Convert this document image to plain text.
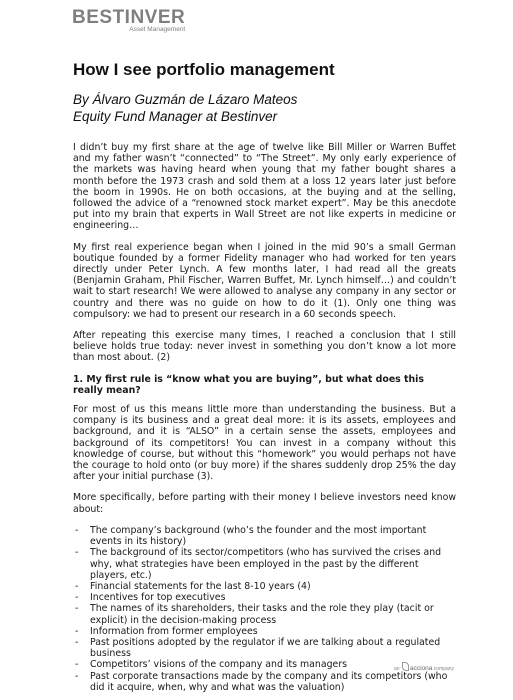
BESTINVER
Asset Management
How I see portfolio management
By Álvaro Guzmán de Lázaro Mateos
Equity Fund Manager at Bestinver

I didn’t buy my first share at the age of twelve like Bill Miller or Warren Buffet and my father wasn’t “connected” to “The Street”. My only early experience of the markets was having heard when young that my father bought shares a month before the 1973 crash and sold them at a loss 12 years later just before the boom in 1990s. He on both occasions, at the buying and at the selling, followed the advice of a “renowned stock market expert”. May be this anecdote put into my brain that experts in Wall Street are not like experts in medicine or engineering…

My first real experience began when I joined in the mid 90’s a small German boutique founded by a former Fidelity manager who had worked for ten years directly under Peter Lynch. A few months later, I had read all the greats (Benjamin Graham, Phil Fischer, Warren Buffet, Mr. Lynch himself…) and couldn’t wait to start research! We were allowed to analyse any company in any sector or country and there was no guide on how to do it (1). Only one thing was compulsory: we had to present our research in a 60 seconds speech.

After repeating this exercise many times, I reached a conclusion that I still believe holds true today: never invest in something you don’t know a lot more than most about. (2)

1. My first rule is “know what you are buying”, but what does this really mean?

For most of us this means little more than understanding the business. But a company is its business and a great deal more: it is its assets, employees and background, and it is “ALSO” in a certain sense the assets, employees and background of its competitors! You can invest in a company without this knowledge of course, but without this “homework” you would perhaps not have the courage to hold onto (or buy more) if the shares suddenly drop 25% the day after your initial purchase (3).

More specifically, before parting with their money I believe investors need know about:

- The company’s background (who’s the founder and the most important events in its history)
- The background of its sector/competitors (who has survived the crises and why, what strategies have been employed in the past by the different players, etc.)
- Financial statements for the last 8-10 years (4)
- Incentives for top executives
- The names of its shareholders, their tasks and the role they play (tacit or explicit) in the decision-making process
- Information from former employees
- Past positions adopted by the regulator if we are talking about a regulated business
- Competitors’ visions of the company and its managers
- Past corporate transactions made by the company and its competitors (who did it acquire, when, why and what was the valuation)
an acciona company
